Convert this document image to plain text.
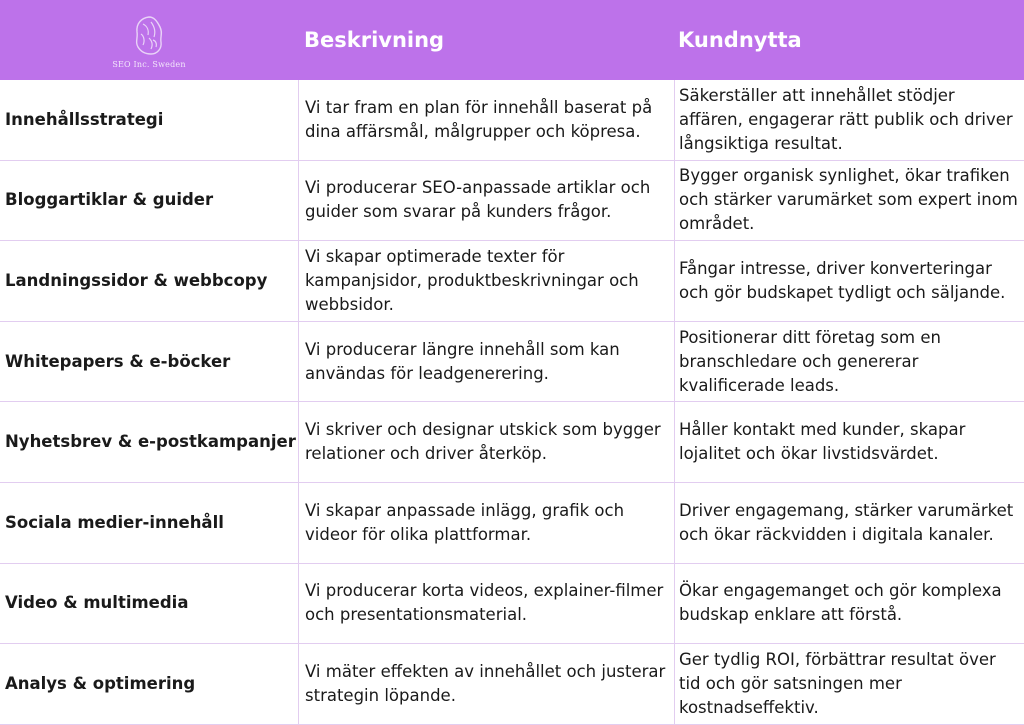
SEO Inc. Sweden
Beskrivning	Kundnytta
Innehållsstrategi
Vi tar fram en plan för innehåll baserat på dina affärsmål, målgrupper och köpresa.
Säkerställer att innehållet stödjer affären, engagerar rätt publik och driver långsiktiga resultat.
Bloggartiklar & guider
Vi producerar SEO-anpassade artiklar och guider som svarar på kunders frågor.
Bygger organisk synlighet, ökar trafiken och stärker varumärket som expert inom området.
Landningssidor & webbcopy
Vi skapar optimerade texter för kampanjsidor, produktbeskrivningar och webbsidor.
Fångar intresse, driver konverteringar och gör budskapet tydligt och säljande.
Whitepapers & e-böcker
Vi producerar längre innehåll som kan användas för leadgenerering.
Positionerar ditt företag som en branschledare och genererar kvalificerade leads.
Nyhetsbrev & e-postkampanjer
Vi skriver och designar utskick som bygger relationer och driver återköp.
Håller kontakt med kunder, skapar lojalitet och ökar livstidsvärdet.
Sociala medier-innehåll
Vi skapar anpassade inlägg, grafik och videor för olika plattformar.
Driver engagemang, stärker varumärket och ökar räckvidden i digitala kanaler.
Video & multimedia
Vi producerar korta videos, explainer-filmer och presentationsmaterial.
Ökar engagemanget och gör komplexa budskap enklare att förstå.
Analys & optimering
Vi mäter effekten av innehållet och justerar strategin löpande.
Ger tydlig ROI, förbättrar resultat över tid och gör satsningen mer kostnadseffektiv.
